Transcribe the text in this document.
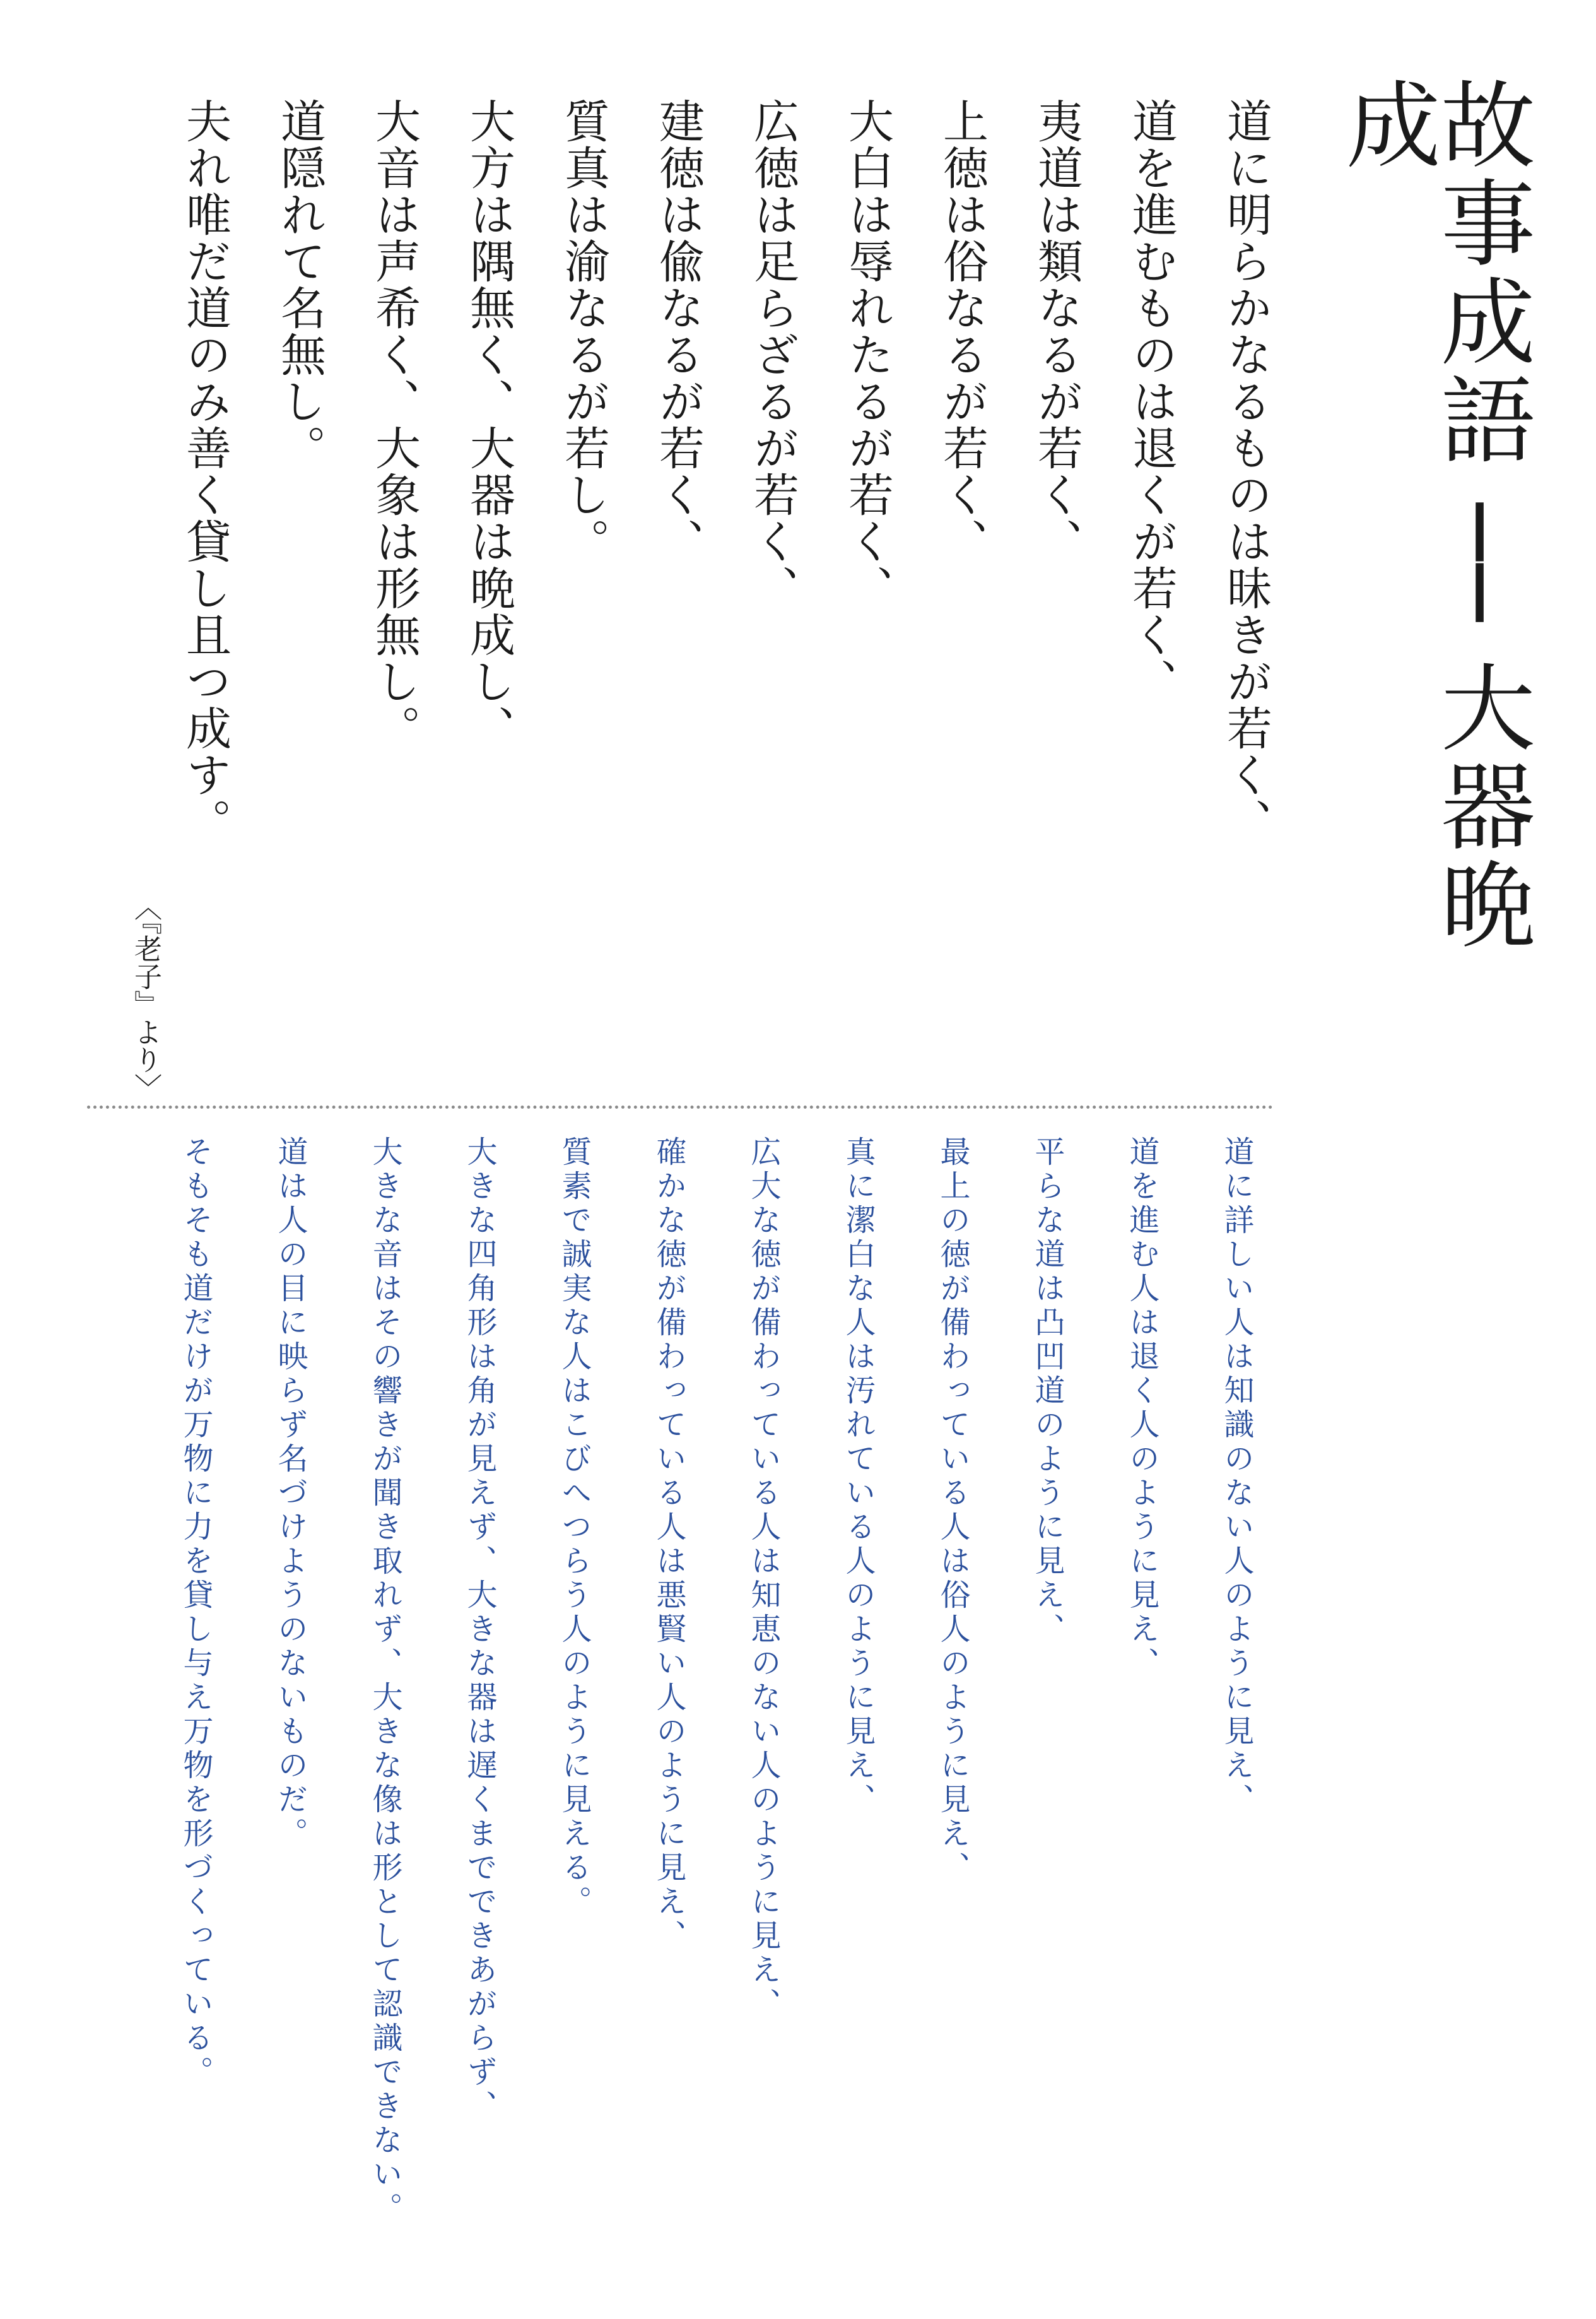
故事成語 ── 大器晩成
道に明らかなるものは昧きが若く、
道を進むものは退くが若く、
夷道は類なるが若く、
上徳は俗なるが若く、
大白は辱れたるが若く、
広徳は足らざるが若く、
建徳は偸なるが若く、
質真は渝なるが若し。
大方は隅無く、大器は晩成し、
大音は声希く、大象は形無し。
道隠れて名無し。
夫れ唯だ道のみ善く貸し且つ成す。
〈『老子』より〉
道に詳しい人は知識のない人のように見え、
道を進む人は退く人のように見え、
平らな道は凸凹道のように見え、
最上の徳が備わっている人は俗人のように見え、
真に潔白な人は汚れている人のように見え、
広大な徳が備わっている人は知恵のない人のように見え、
確かな徳が備わっている人は悪賢い人のように見え、
質素で誠実な人はこびへつらう人のように見える。
大きな四角形は角が見えず、大きな器は遅くまでできあがらず、
大きな音はその響きが聞き取れず、大きな像は形として認識できない。
道は人の目に映らず名づけようのないものだ。
そもそも道だけが万物に力を貸し与え万物を形づくっている。
